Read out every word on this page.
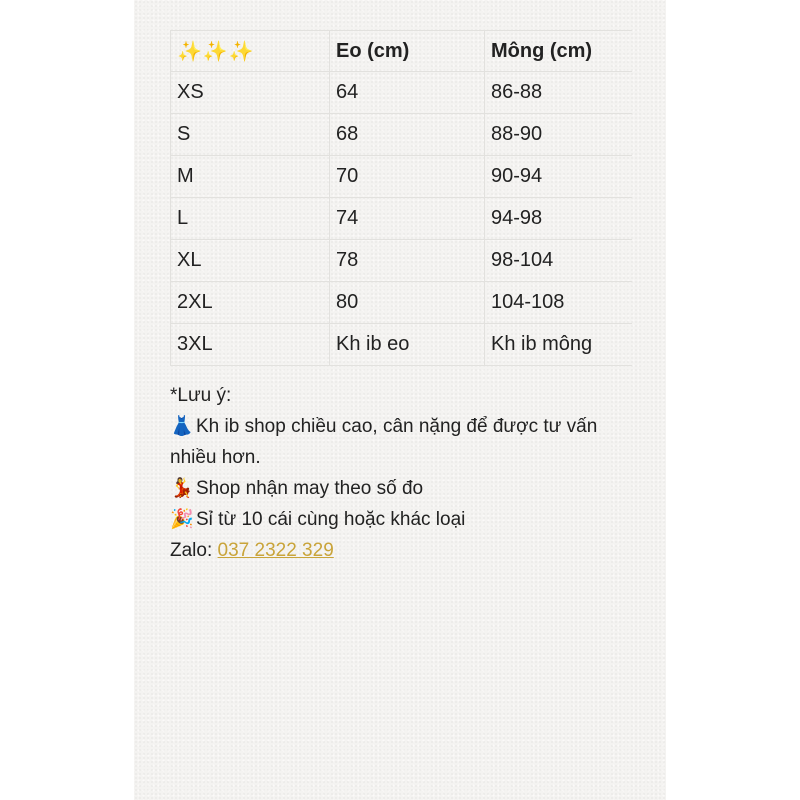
✨✨✨	Eo (cm)	Mông (cm)
XS	64	86-88
S	68	88-90
M	70	90-94
L	74	94-98
XL	78	98-104
2XL	80	104-108
3XL	Kh ib eo	Kh ib mông

*Lưu ý:

👗 Kh ib shop chiều cao, cân nặng để được tư vấn nhiều hơn.

💃 Shop nhận may theo số đo

🎉 Sỉ từ 10 cái cùng hoặc khác loại

Zalo: 037 2322 329
